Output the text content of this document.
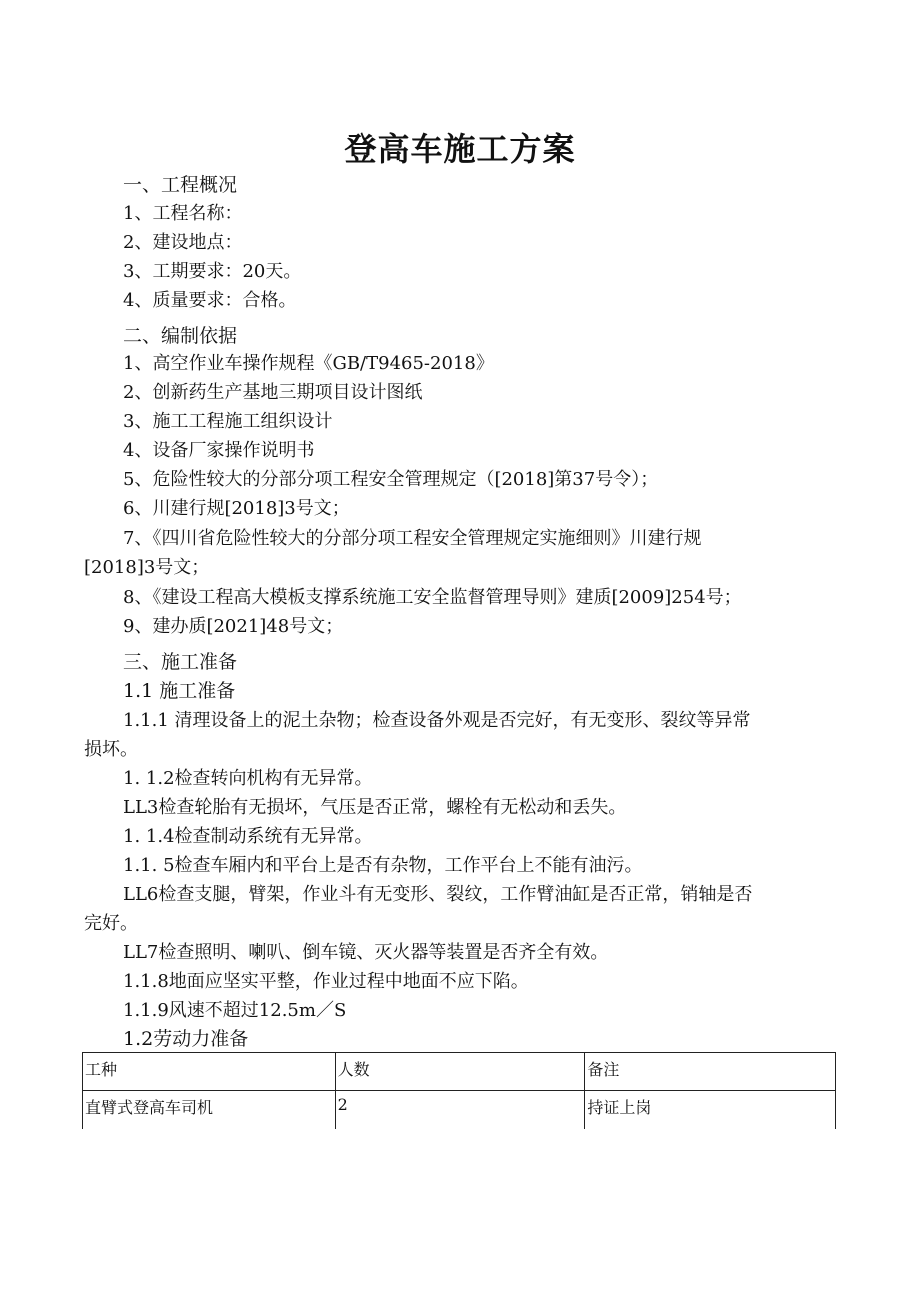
登高车施工方案
一、工程概况
1、工程名称：
2、建设地点：
3、工期要求：20天。
4、质量要求：合格。
二、编制依据
1、高空作业车操作规程《GB/T9465-2018》
2、创新药生产基地三期项目设计图纸
3、施工工程施工组织设计
4、设备厂家操作说明书
5、危险性较大的分部分项工程安全管理规定（[2018]第37号令）；
6、川建行规[2018]3号文；
7、《四川省危险性较大的分部分项工程安全管理规定实施细则》川建行规
[2018]3号文；
8、《建设工程高大模板支撑系统施工安全监督管理导则》建质[2009]254号；
9、建办质[2021]48号文；
三、施工准备
1.1 施工准备
1.1.1 清理设备上的泥土杂物；检查设备外观是否完好，有无变形、裂纹等异常
损坏。
1. 1.2检查转向机构有无异常。
LL3检查轮胎有无损坏，气压是否正常，螺栓有无松动和丢失。
1. 1.4检查制动系统有无异常。
1.1. 5检查车厢内和平台上是否有杂物，工作平台上不能有油污。
LL6检查支腿，臂架，作业斗有无变形、裂纹，工作臂油缸是否正常，销轴是否
完好。
LL7检查照明、喇叭、倒车镜、灭火器等装置是否齐全有效。
1.1.8地面应坚实平整，作业过程中地面不应下陷。
1.1.9风速不超过12.5m／S
1.2劳动力准备
工种	人数	备注
直臂式登高车司机	2	持证上岗
